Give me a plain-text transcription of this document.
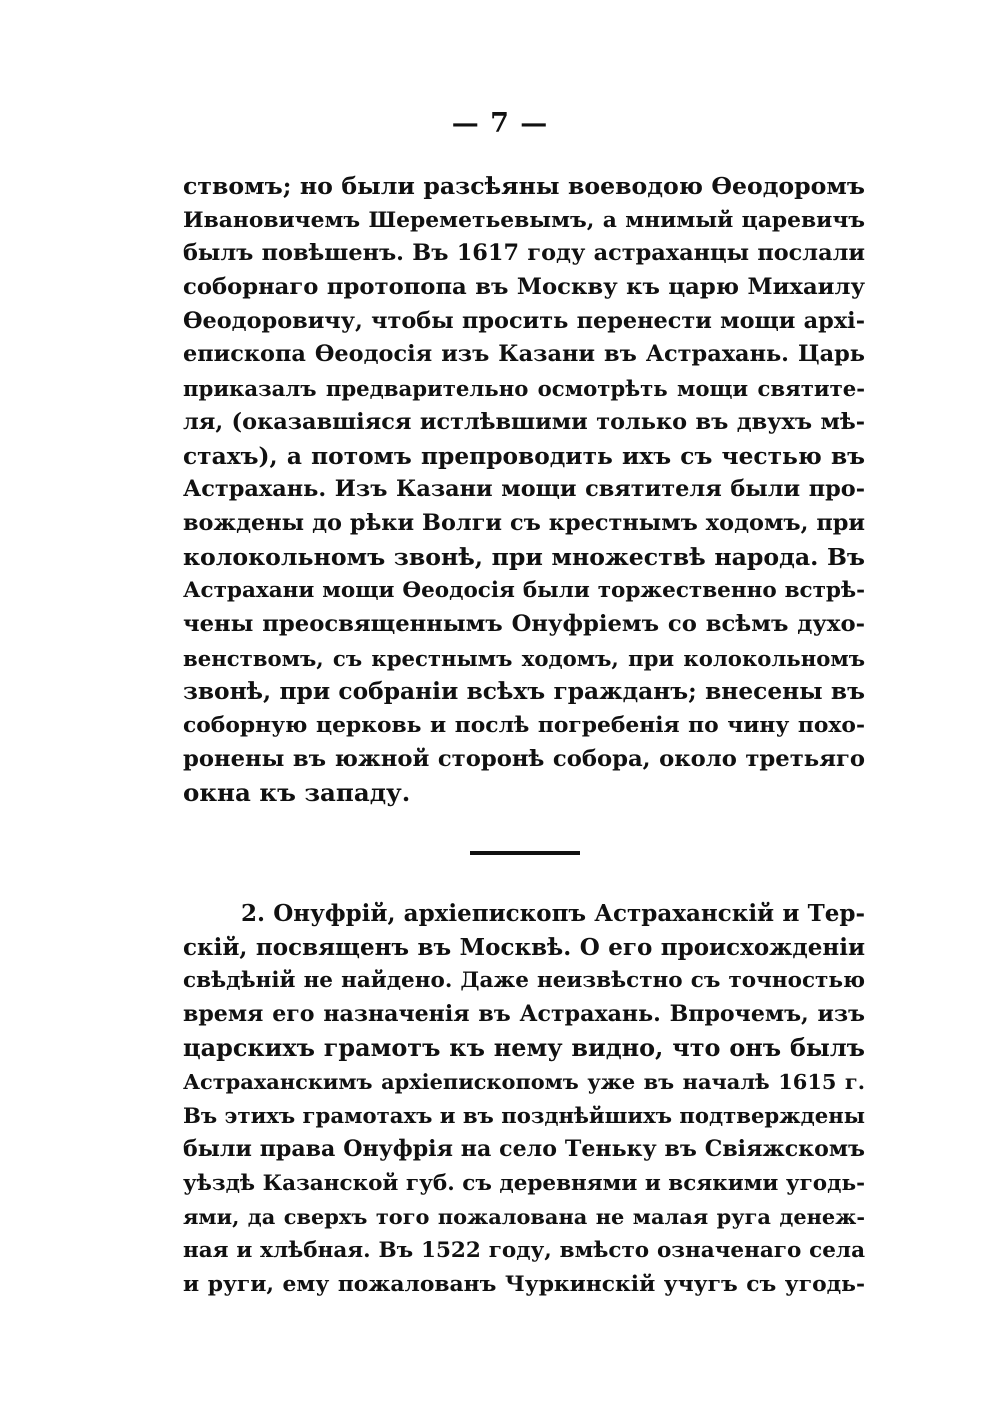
— 7 —
ствомъ; но были разсѣяны воеводою Ѳеодоромъ
Ивановичемъ Шереметьевымъ, а мнимый царевичъ
былъ повѣшенъ. Въ 1617 году астраханцы послали
соборнаго протопопа въ Москву къ царю Михаилу
Ѳеодоровичу, чтобы просить перенести мощи архі-
епископа Ѳеодосія изъ Казани въ Астрахань. Царь
приказалъ предварительно осмотрѣть мощи святите-
ля, (оказавшіяся истлѣвшими только въ двухъ мѣ-
стахъ), а потомъ препроводить ихъ съ честью въ
Астрахань. Изъ Казани мощи святителя были про-
вождены до рѣки Волги съ крестнымъ ходомъ, при
колокольномъ звонѣ, при множествѣ народа. Въ
Астрахани мощи Ѳеодосія были торжественно встрѣ-
чены преосвященнымъ Онуфріемъ со всѣмъ духо-
венствомъ, съ крестнымъ ходомъ, при колокольномъ
звонѣ, при собраніи всѣхъ гражданъ; внесены въ
соборную церковь и послѣ погребенія по чину похо-
ронены въ южной сторонѣ собора, около третьяго
окна къ западу.
2. Онуфрій, архіепископъ Астраханскій и Тер-
скій, посвященъ въ Москвѣ. О его происхожденіи
свѣдѣній не найдено. Даже неизвѣстно съ точностью
время его назначенія въ Астрахань. Впрочемъ, изъ
царскихъ грамотъ къ нему видно, что онъ былъ
Астраханскимъ архіепископомъ уже въ началѣ 1615 г.
Въ этихъ грамотахъ и въ позднѣйшихъ подтверждены
были права Онуфрія на село Теньку въ Свіяжскомъ
уѣздѣ Казанской губ. съ деревнями и всякими угодь-
ями, да сверхъ того пожалована не малая руга денеж-
ная и хлѣбная. Въ 1522 году, вмѣсто означенаго села
и руги, ему пожалованъ Чуркинскій учугъ съ угодь-
